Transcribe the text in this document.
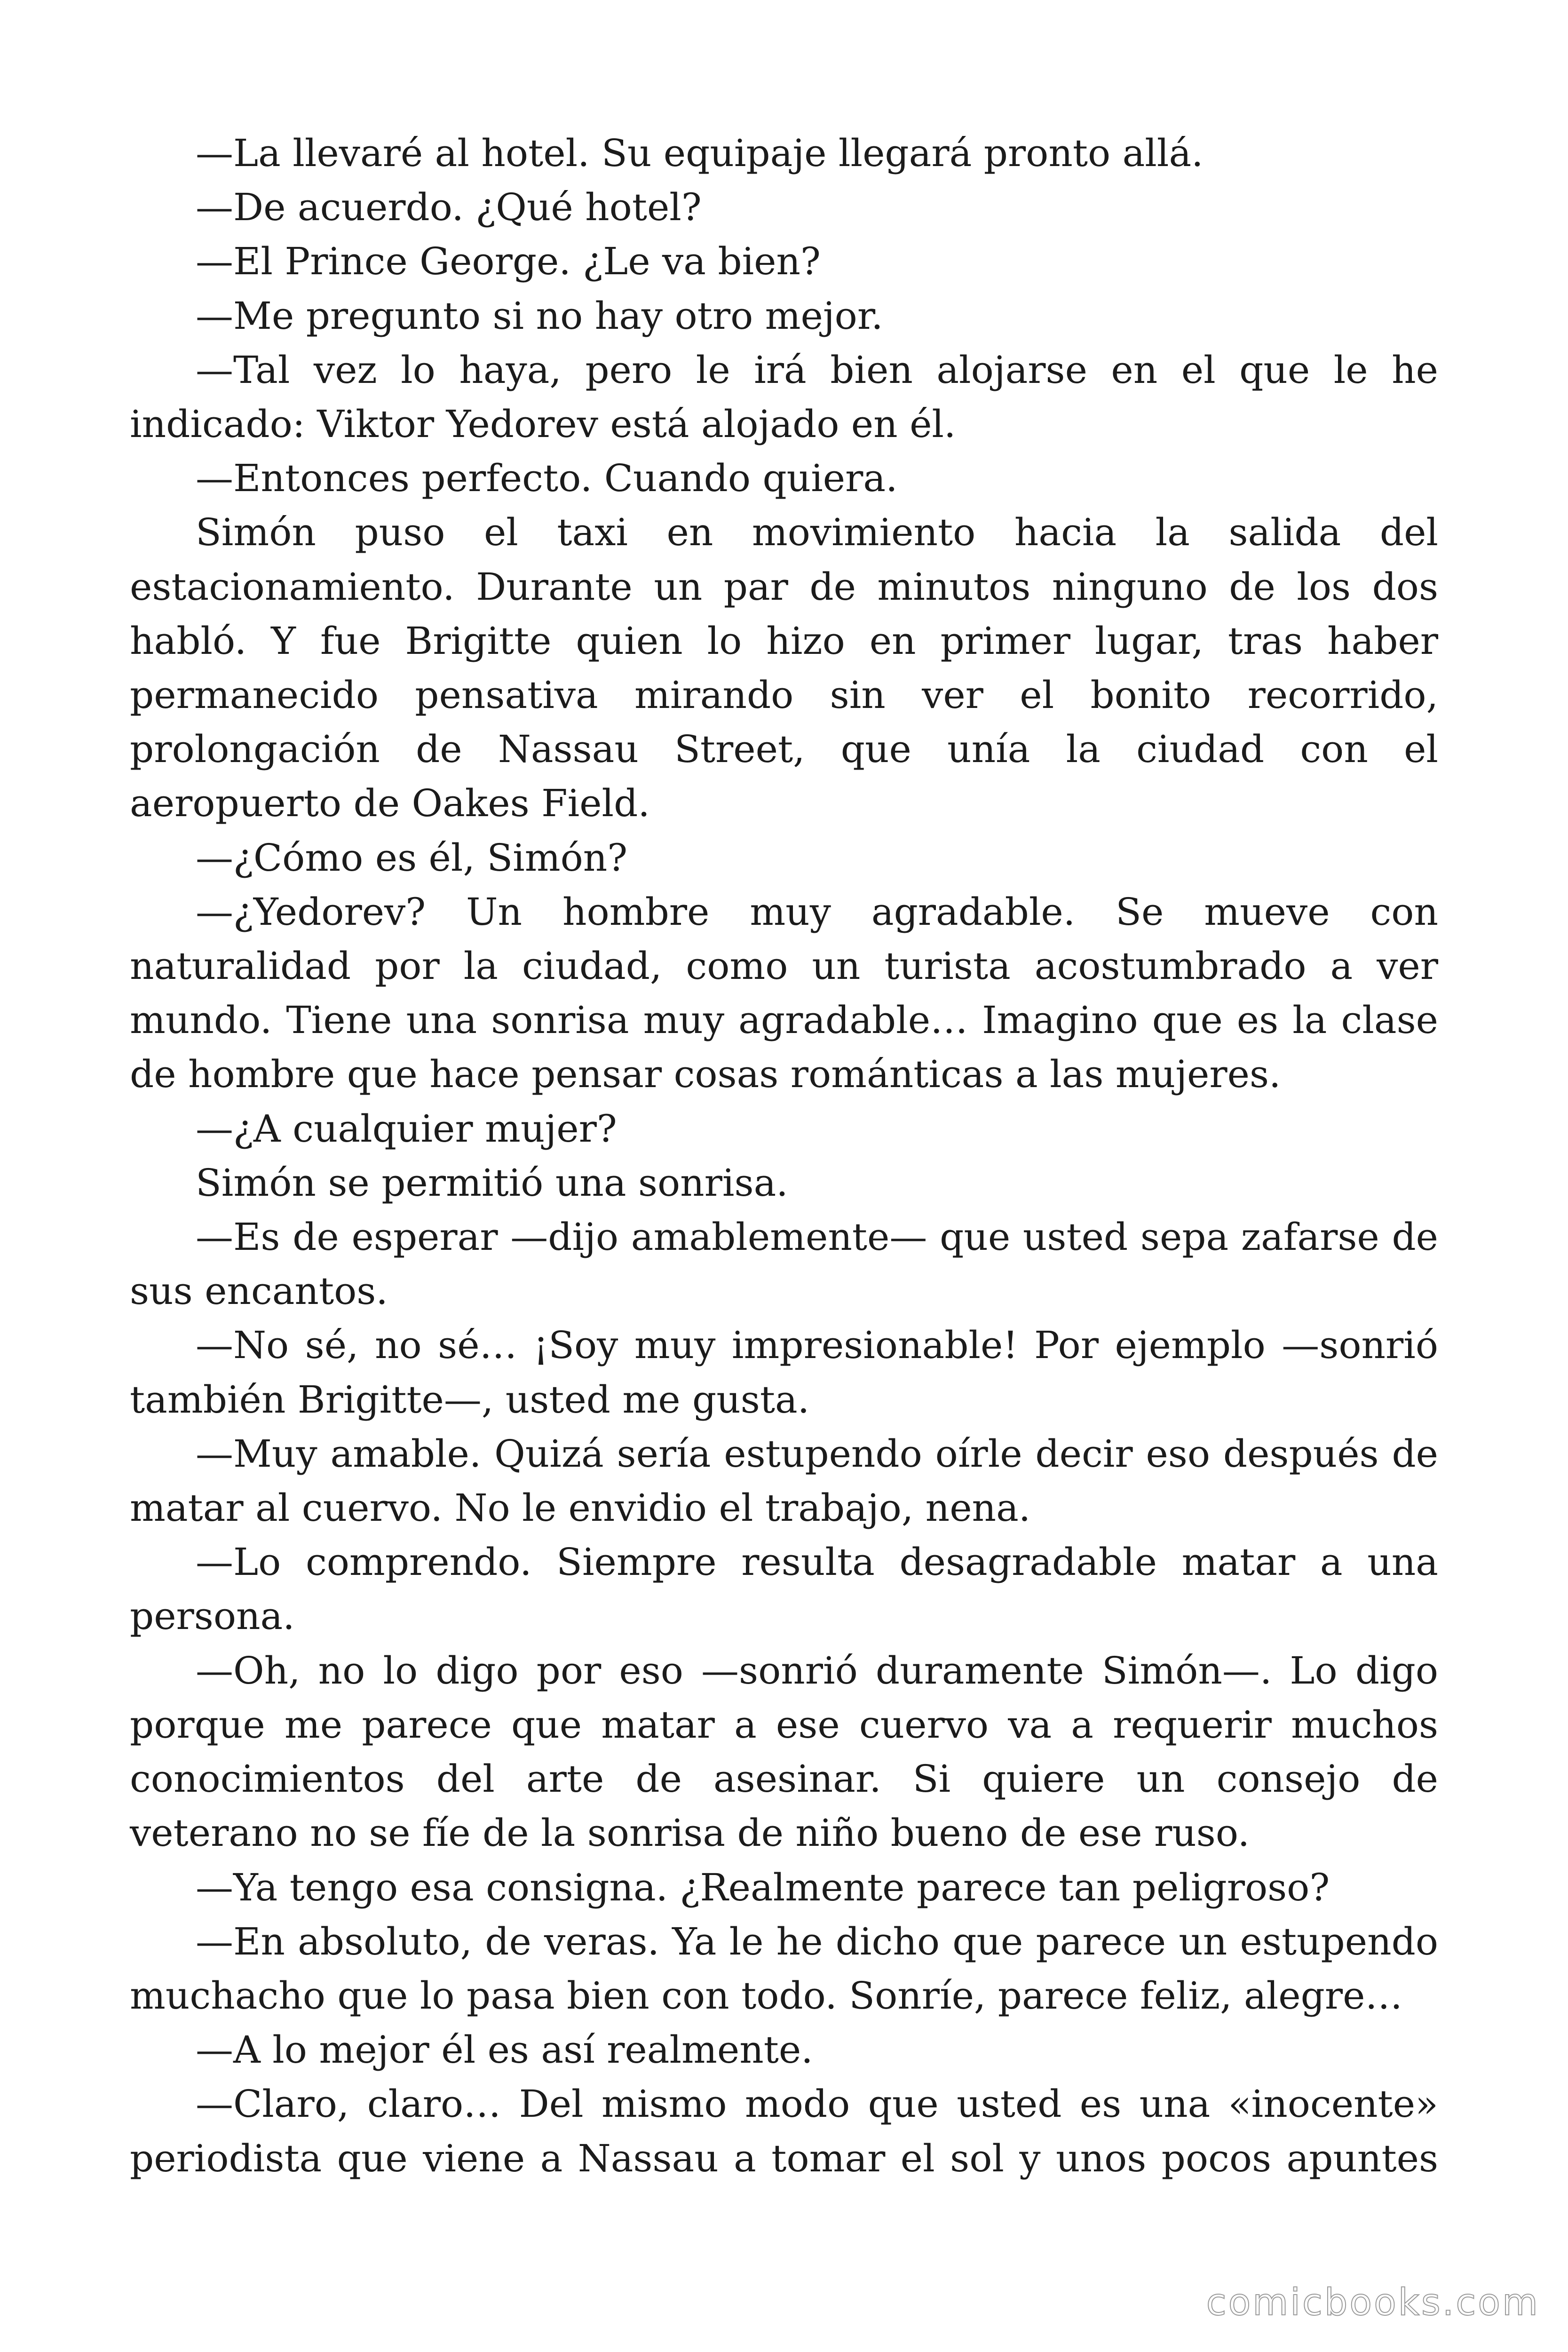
—La llevaré al hotel. Su equipaje llegará pronto allá.

—De acuerdo. ¿Qué hotel?

—El Prince George. ¿Le va bien?

—Me pregunto si no hay otro mejor.

—Tal vez lo haya, pero le irá bien alojarse en el que le he indicado: Viktor Yedorev está alojado en él.

—Entonces perfecto. Cuando quiera.

Simón puso el taxi en movimiento hacia la salida del estacionamiento. Durante un par de minutos ninguno de los dos habló. Y fue Brigitte quien lo hizo en primer lugar, tras haber permanecido pensativa mirando sin ver el bonito recorrido, prolongación de Nassau Street, que unía la ciudad con el aeropuerto de Oakes Field.

—¿Cómo es él, Simón?

—¿Yedorev? Un hombre muy agradable. Se mueve con naturalidad por la ciudad, como un turista acostumbrado a ver mundo. Tiene una sonrisa muy agradable… Imagino que es la clase de hombre que hace pensar cosas románticas a las mujeres.

—¿A cualquier mujer?

Simón se permitió una sonrisa.

—Es de esperar —dijo amablemente— que usted sepa zafarse de sus encantos.

—No sé, no sé… ¡Soy muy impresionable! Por ejemplo —sonrió también Brigitte—, usted me gusta.

—Muy amable. Quizá sería estupendo oírle decir eso después de matar al cuervo. No le envidio el trabajo, nena.

—Lo comprendo. Siempre resulta desagradable matar a una persona.

—Oh, no lo digo por eso —sonrió duramente Simón—. Lo digo porque me parece que matar a ese cuervo va a requerir muchos conocimientos del arte de asesinar. Si quiere un consejo de veterano no se fíe de la sonrisa de niño bueno de ese ruso.

—Ya tengo esa consigna. ¿Realmente parece tan peligroso?

—En absoluto, de veras. Ya le he dicho que parece un estupendo muchacho que lo pasa bien con todo. Sonríe, parece feliz, alegre…

—A lo mejor él es así realmente.

—Claro, claro… Del mismo modo que usted es una «inocente» periodista que viene a Nassau a tomar el sol y unos pocos apuntes

comicbooks.com
